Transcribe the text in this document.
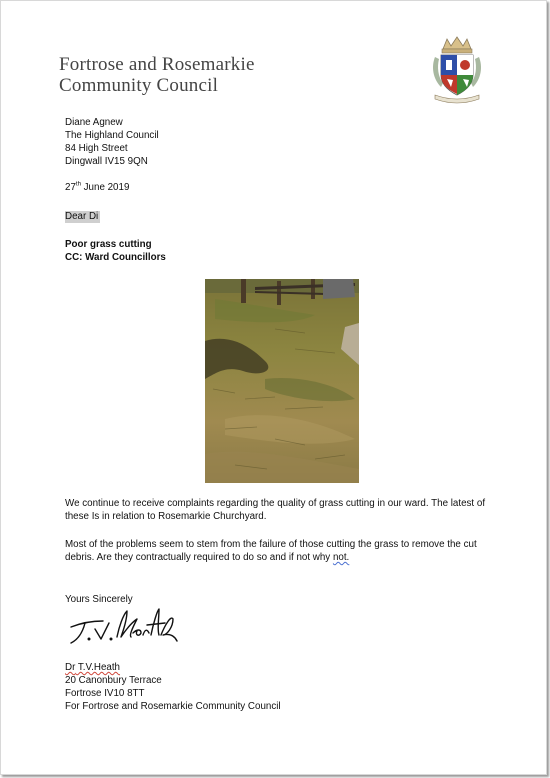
Fortrose and Rosemarkie
Community Council
Diane Agnew
The Highland Council
84 High Street
Dingwall IV15 9QN
27th June 2019
Dear Di
Poor grass cutting
CC: Ward Councillors
We continue to receive complaints regarding the quality of grass cutting in our ward. The latest of these Is in relation to Rosemarkie Churchyard.
Most of the problems seem to stem from the failure of those cutting the grass to remove the cut debris. Are they contractually required to do so and if not why not.
Yours Sincerely
Dr T.V.Heath
20 Canonbury Terrace
Fortrose IV10 8TT
For Fortrose and Rosemarkie Community Council
